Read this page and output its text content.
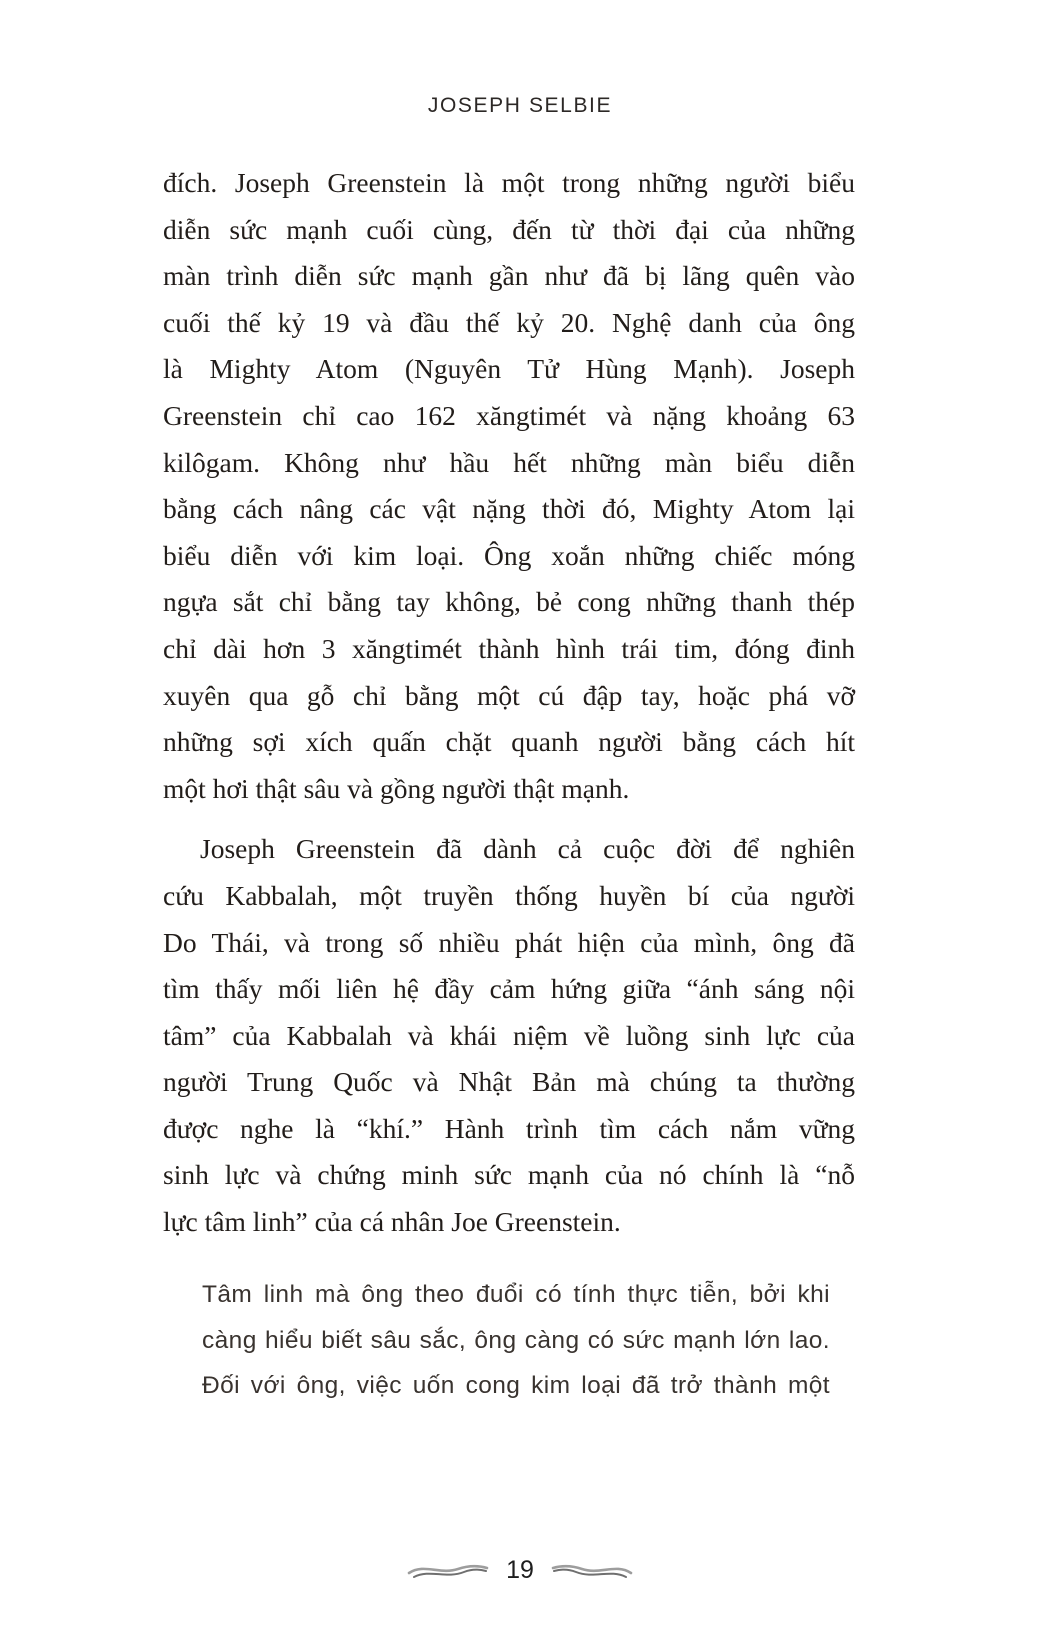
JOSEPH SELBIE
đích. Joseph Greenstein là một trong những người biểu
diễn sức mạnh cuối cùng, đến từ thời đại của những
màn trình diễn sức mạnh gần như đã bị lãng quên vào
cuối thế kỷ 19 và đầu thế kỷ 20. Nghệ danh của ông
là Mighty Atom (Nguyên Tử Hùng Mạnh). Joseph
Greenstein chỉ cao 162 xăngtimét và nặng khoảng 63
kilôgam. Không như hầu hết những màn biểu diễn
bằng cách nâng các vật nặng thời đó, Mighty Atom lại
biểu diễn với kim loại. Ông xoắn những chiếc móng
ngựa sắt chỉ bằng tay không, bẻ cong những thanh thép
chỉ dài hơn 3 xăngtimét thành hình trái tim, đóng đinh
xuyên qua gỗ chỉ bằng một cú đập tay, hoặc phá vỡ
những sợi xích quấn chặt quanh người bằng cách hít
một hơi thật sâu và gồng người thật mạnh.
Joseph Greenstein đã dành cả cuộc đời để nghiên
cứu Kabbalah, một truyền thống huyền bí của người
Do Thái, và trong số nhiều phát hiện của mình, ông đã
tìm thấy mối liên hệ đầy cảm hứng giữa “ánh sáng nội
tâm” của Kabbalah và khái niệm về luồng sinh lực của
người Trung Quốc và Nhật Bản mà chúng ta thường
được nghe là “khí.” Hành trình tìm cách nắm vững
sinh lực và chứng minh sức mạnh của nó chính là “nỗ
lực tâm linh” của cá nhân Joe Greenstein.
Tâm linh mà ông theo đuổi có tính thực tiễn, bởi khi
càng hiểu biết sâu sắc, ông càng có sức mạnh lớn lao.
Đối với ông, việc uốn cong kim loại đã trở thành một
19
